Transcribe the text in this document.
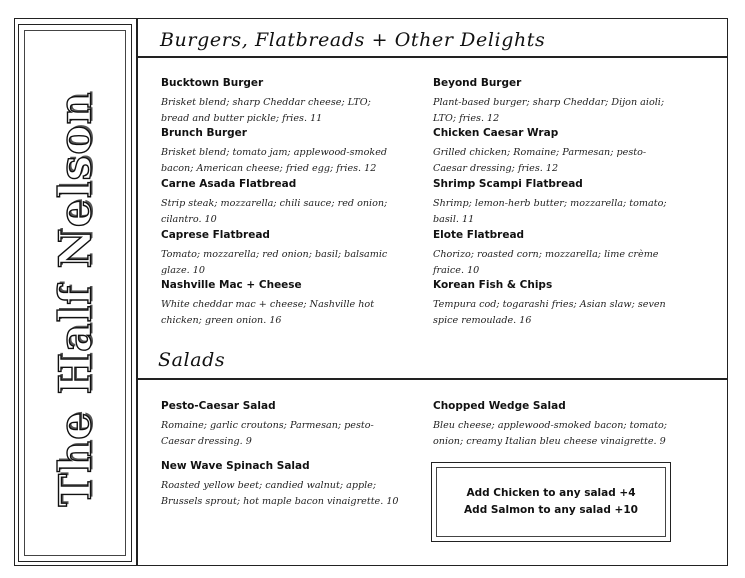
The Half Nelson
Burgers, Flatbreads + Other Delights
Bucktown Burger
Brisket blend; sharp Cheddar cheese; LTO; bread and butter pickle; fries. 11
Brunch Burger
Brisket blend; tomato jam; applewood-smoked bacon; American cheese; fried egg; fries. 12
Carne Asada Flatbread
Strip steak; mozzarella; chili sauce; red onion; cilantro. 10
Caprese Flatbread
Tomato; mozzarella; red onion; basil; balsamic glaze. 10
Nashville Mac + Cheese
White cheddar mac + cheese; Nashville hot chicken; green onion. 16
Beyond Burger
Plant-based burger; sharp Cheddar; Dijon aioli; LTO; fries. 12
Chicken Caesar Wrap
Grilled chicken; Romaine; Parmesan; pesto-Caesar dressing; fries. 12
Shrimp Scampi Flatbread
Shrimp; lemon-herb butter; mozzarella; tomato; basil. 11
Elote Flatbread
Chorizo; roasted corn; mozzarella; lime crème fraice. 10
Korean Fish & Chips
Tempura cod; togarashi fries; Asian slaw; seven spice remoulade. 16
Salads
Pesto-Caesar Salad
Romaine; garlic croutons; Parmesan; pesto-Caesar dressing. 9
Chopped Wedge Salad
Bleu cheese; applewood-smoked bacon; tomato; onion; creamy Italian bleu cheese vinaigrette. 9
New Wave Spinach Salad
Roasted yellow beet; candied walnut; apple; Brussels sprout; hot maple bacon vinaigrette. 10
Add Chicken to any salad +4
Add Salmon to any salad +10
